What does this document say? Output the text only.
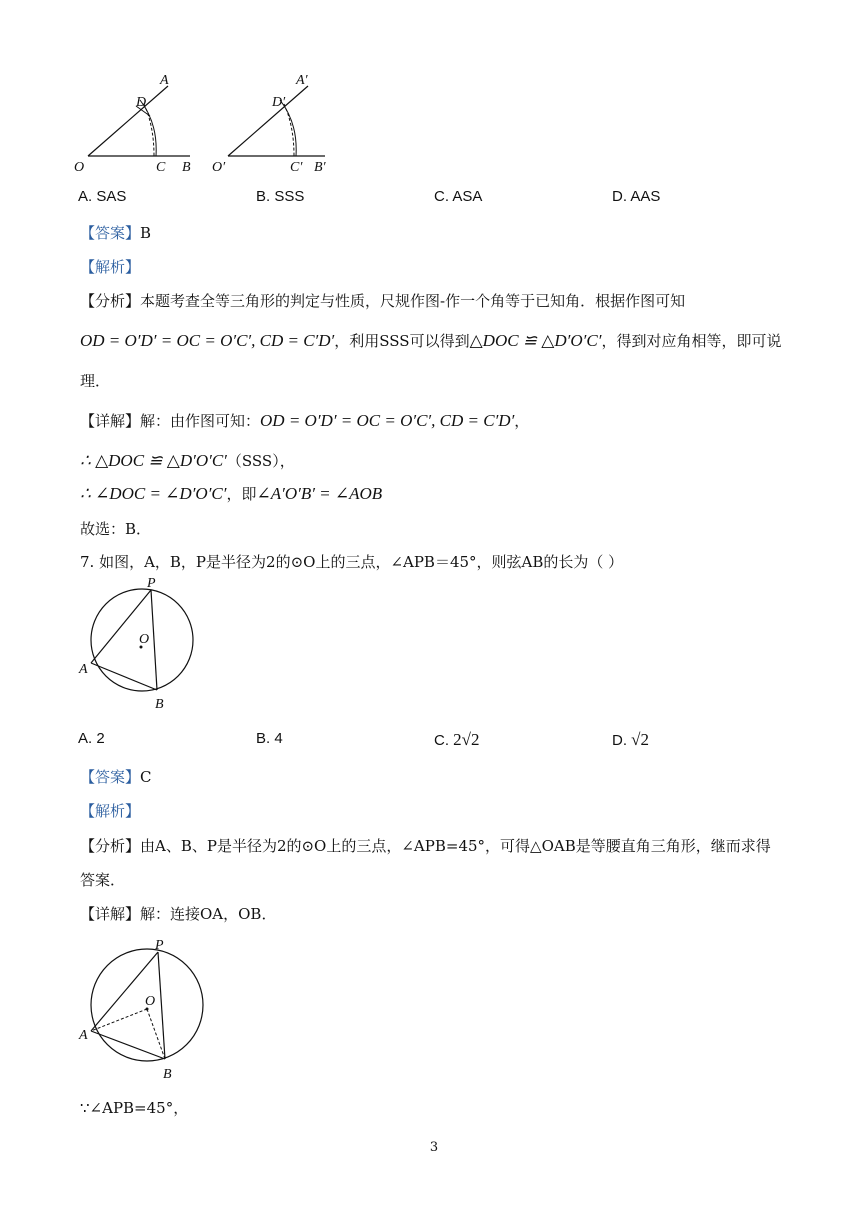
O	C B
D
A
O′	C′ B′
D′
A′
A. SAS	B. SSS	C. ASA	D. AAS
【答案】B
【解析】
【分析】本题考查全等三角形的判定与性质，尺规作图-作一个角等于已知角．根据作图可知
OD = O′D′ = OC = O′C′, CD = C′D′，利用SSS可以得到△DOC ≌ △D′O′C′，得到对应角相等，即可说
理．
【详解】解：由作图可知：OD = O′D′ = OC = O′C′, CD = C′D′，
∴ △DOC ≌ △D′O′C′（SSS），
∴ ∠DOC = ∠D′O′C′，即∠A′O′B′ = ∠AOB
故选：B．
7. 如图，A，B，P是半径为2的⊙O上的三点，∠APB＝45°，则弦AB的长为（ ）
P
O
A
B
A. 2	B. 4	C. 2√2	D. √2
【答案】C
【解析】
【分析】由A、B、P是半径为2的⊙O上的三点，∠APB=45°，可得△OAB是等腰直角三角形，继而求得
答案．
【详解】解：连接OA，OB．
P
O
A
B
∵∠APB=45°，
3
